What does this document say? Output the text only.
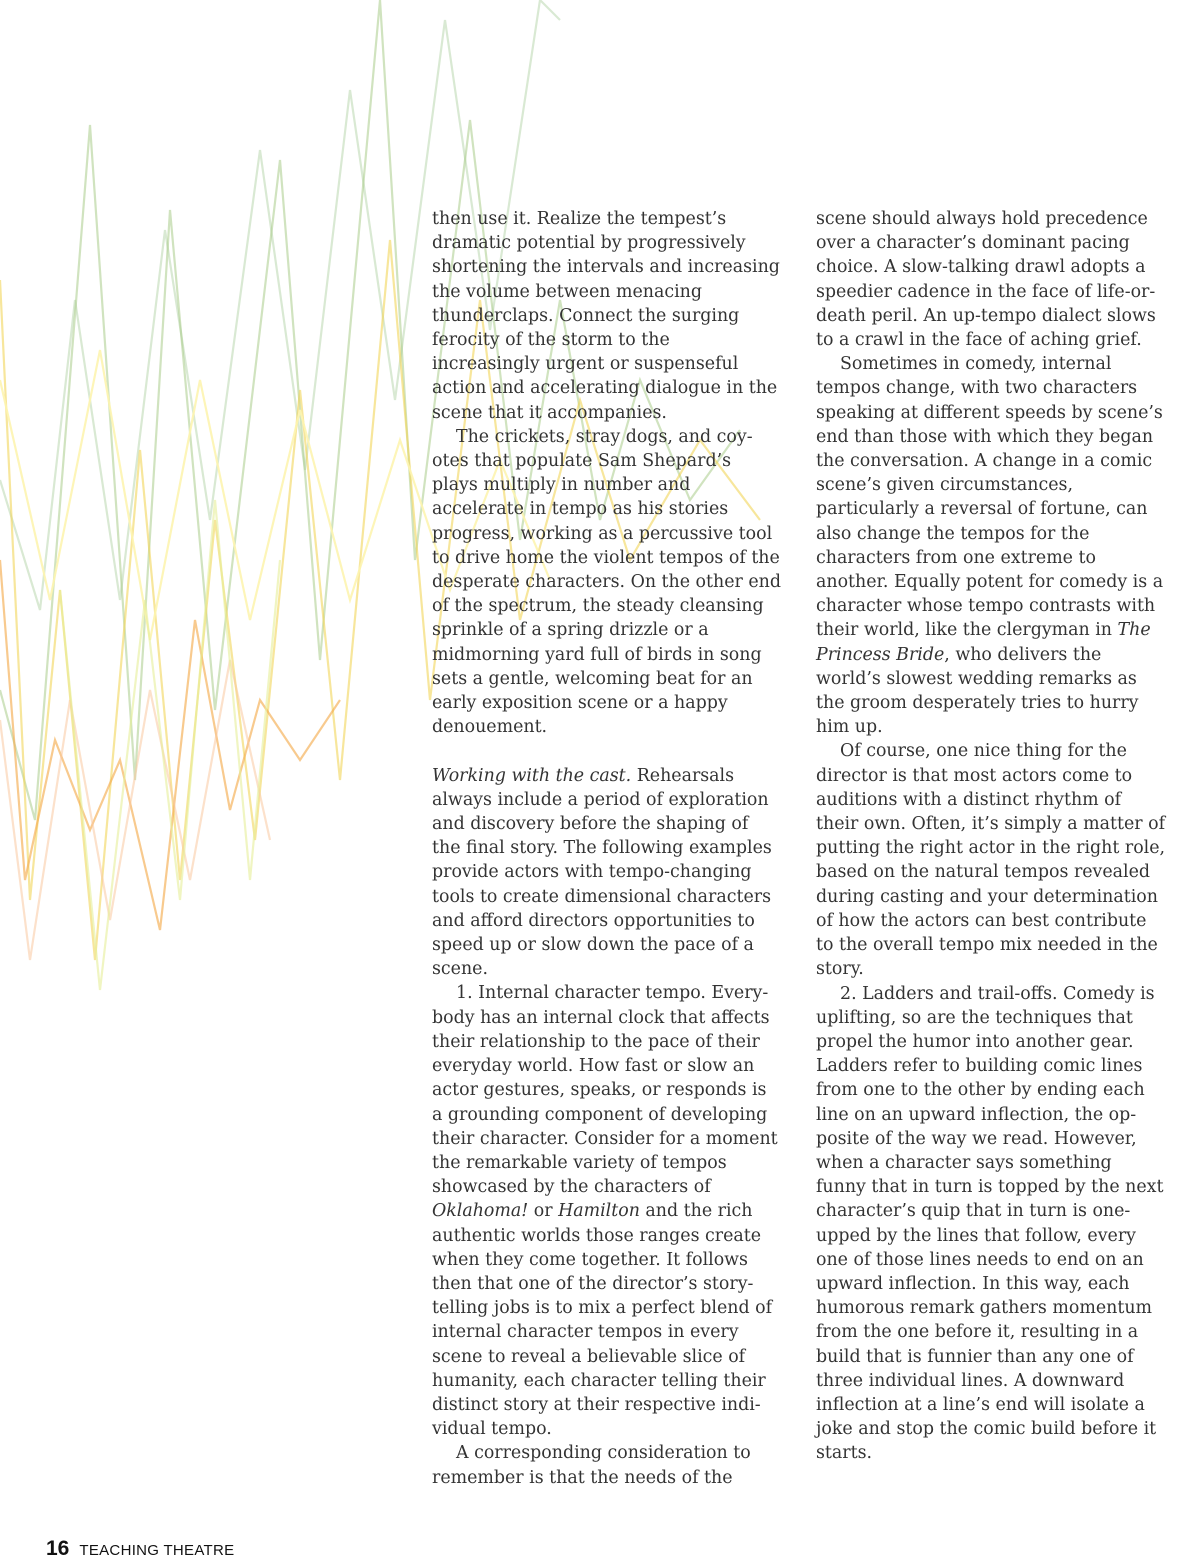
then use it. Realize the tempest’s dramatic potential by progressively shortening the intervals and increasing the volume between menacing thunderclaps. Connect the surging ferocity of the storm to the increasingly urgent or suspenseful action and accelerating dialogue in the scene that it accompanies.

The crickets, stray dogs, and coyotes that populate Sam Shepard’s plays multiply in number and accelerate in tempo as his stories progress, working as a percussive tool to drive home the violent tempos of the desperate characters. On the other end of the spectrum, the steady cleansing sprinkle of a spring drizzle or a midmorning yard full of birds in song sets a gentle, welcoming beat for an early exposition scene or a happy denouement.

Working with the cast. Rehearsals always include a period of exploration and discovery before the shaping of the final story. The following examples provide actors with tempo-changing tools to create dimensional characters and afford directors opportunities to speed up or slow down the pace of a scene.

1. Internal character tempo. Everybody has an internal clock that affects their relationship to the pace of their everyday world. How fast or slow an actor gestures, speaks, or responds is a grounding component of developing their character. Consider for a moment the remarkable variety of tempos showcased by the characters of Oklahoma! or Hamilton and the rich authentic worlds those ranges create when they come together. It follows then that one of the director’s storytelling jobs is to mix a perfect blend of internal character tempos in every scene to reveal a believable slice of humanity, each character telling their distinct story at their respective individual tempo.

A corresponding consideration to remember is that the needs of the

scene should always hold precedence over a character’s dominant pacing choice. A slow-talking drawl adopts a speedier cadence in the face of life-or-death peril. An up-tempo dialect slows to a crawl in the face of aching grief.

Sometimes in comedy, internal tempos change, with two characters speaking at different speeds by scene’s end than those with which they began the conversation. A change in a comic scene’s given circumstances, particularly a reversal of fortune, can also change the tempos for the characters from one extreme to another. Equally potent for comedy is a character whose tempo contrasts with their world, like the clergyman in The Princess Bride, who delivers the world’s slowest wedding remarks as the groom desperately tries to hurry him up.

Of course, one nice thing for the director is that most actors come to auditions with a distinct rhythm of their own. Often, it’s simply a matter of putting the right actor in the right role, based on the natural tempos revealed during casting and your determination of how the actors can best contribute to the overall tempo mix needed in the story.

2. Ladders and trail-offs. Comedy is uplifting, so are the techniques that propel the humor into another gear. Ladders refer to building comic lines from one to the other by ending each line on an upward inflection, the opposite of the way we read. However, when a character says something funny that in turn is topped by the next character’s quip that in turn is one-upped by the lines that follow, every one of those lines needs to end on an upward inflection. In this way, each humorous remark gathers momentum from the one before it, resulting in a build that is funnier than any one of three individual lines. A downward inflection at a line’s end will isolate a joke and stop the comic build before it starts.

16 TEACHING THEATRE
